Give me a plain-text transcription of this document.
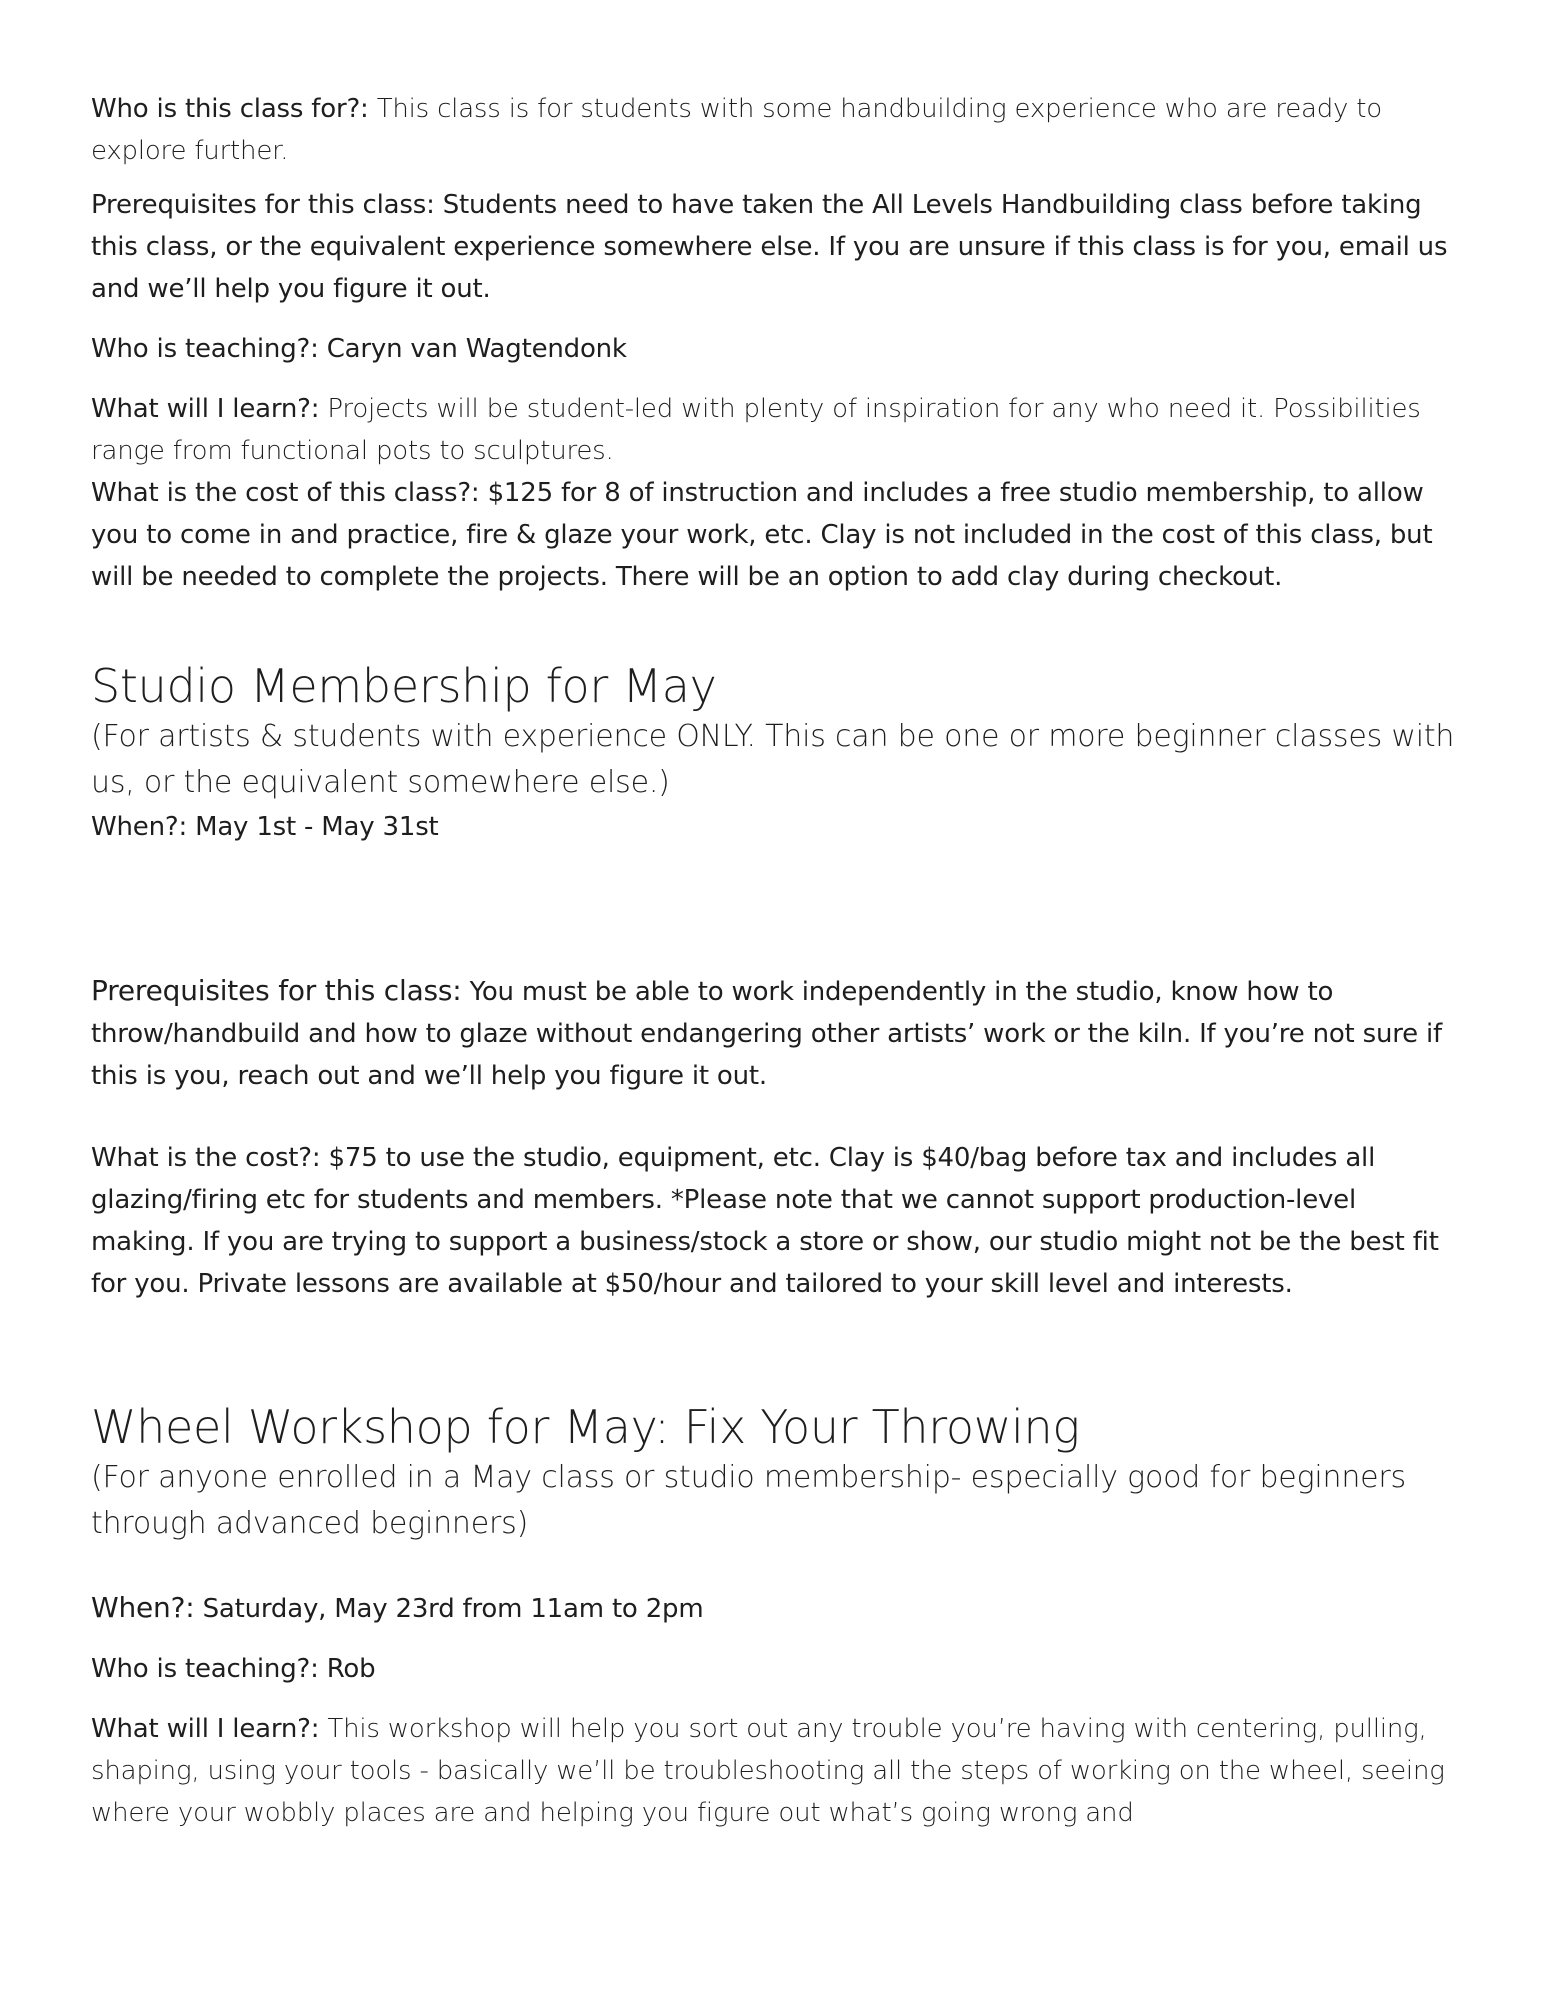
Who is this class for?: This class is for students with some handbuilding experience who are ready to explore further.

Prerequisites for this class: Students need to have taken the All Levels Handbuilding class before taking this class, or the equivalent experience somewhere else. If you are unsure if this class is for you, email us and we’ll help you figure it out.

Who is teaching?: Caryn van Wagtendonk

What will I learn?: Projects will be student-led with plenty of inspiration for any who need it. Possibilities range from functional pots to sculptures.

What is the cost of this class?: $125 for 8 of instruction and includes a free studio membership, to allow you to come in and practice, fire & glaze your work, etc. Clay is not included in the cost of this class, but will be needed to complete the projects. There will be an option to add clay during checkout.

Studio Membership for May

(For artists & students with experience ONLY. This can be one or more beginner classes with us, or the equivalent somewhere else.)

When?: May 1st - May 31st

Prerequisites for this class: You must be able to work independently in the studio, know how to throw/handbuild and how to glaze without endangering other artists’ work or the kiln. If you’re not sure if this is you, reach out and we’ll help you figure it out.

What is the cost?: $75 to use the studio, equipment, etc. Clay is $40/bag before tax and includes all glazing/firing etc for students and members. *Please note that we cannot support production-level making. If you are trying to support a business/stock a store or show, our studio might not be the best fit for you. Private lessons are available at $50/hour and tailored to your skill level and interests.

Wheel Workshop for May: Fix Your Throwing

(For anyone enrolled in a May class or studio membership- especially good for beginners through advanced beginners)

When?: Saturday, May 23rd from 11am to 2pm

Who is teaching?: Rob

What will I learn?: This workshop will help you sort out any trouble you’re having with centering, pulling, shaping, using your tools - basically we’ll be troubleshooting all the steps of working on the wheel, seeing where your wobbly places are and helping you figure out what’s going wrong and
